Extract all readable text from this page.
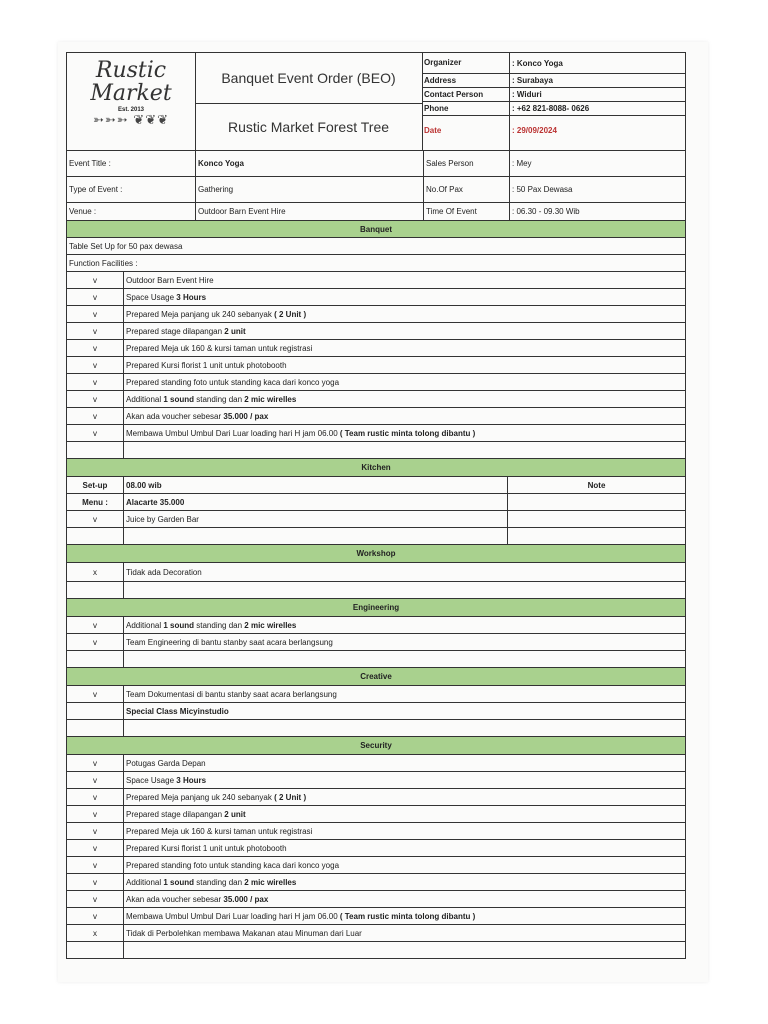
Rustic
Market
Est. 2013
➳➳➳ ❦❦❦
Banquet Event Order (BEO)
Rustic Market Forest Tree
Organizer	: Konco Yoga
Address	: Surabaya
Contact Person	: Widuri
Phone	: +62 821-8088- 0626
Date	: 29/09/2024
Event Title :	Konco Yoga	Sales Person	: Mey
Type of Event :	Gathering	No.Of Pax	: 50 Pax Dewasa
Venue :	Outdoor Barn Event Hire	Time Of Event	: 06.30 - 09.30 Wib
Banquet
Table Set Up for 50 pax dewasa
Function Facilities :
v	Outdoor Barn Event Hire
v	Space Usage 3 Hours
v	Prepared Meja panjang uk 240 sebanyak ( 2 Unit )
v	Prepared stage dilapangan 2 unit
v	Prepared Meja uk 160 & kursi taman untuk registrasi
v	Prepared Kursi florist 1 unit untuk photobooth
v	Prepared standing foto untuk standing kaca dari konco yoga
v	Additional 1 sound standing dan 2 mic wirelles
v	Akan ada voucher sebesar 35.000 / pax
v	Membawa Umbul Umbul Dari Luar loading hari H jam 06.00 ( Team rustic minta tolong dibantu )
Kitchen
Set-up	08.00 wib	Note
Menu :	Alacarte 35.000
v	Juice by Garden Bar
Workshop
x	Tidak ada Decoration
Engineering
v	Additional 1 sound standing dan 2 mic wirelles
v	Team Engineering di bantu stanby saat acara berlangsung
Creative
v	Team Dokumentasi di bantu stanby saat acara berlangsung
Special Class Micyinstudio
Security
v	Potugas Garda Depan
v	Space Usage 3 Hours
v	Prepared Meja panjang uk 240 sebanyak ( 2 Unit )
v	Prepared stage dilapangan 2 unit
v	Prepared Meja uk 160 & kursi taman untuk registrasi
v	Prepared Kursi florist 1 unit untuk photobooth
v	Prepared standing foto untuk standing kaca dari konco yoga
v	Additional 1 sound standing dan 2 mic wirelles
v	Akan ada voucher sebesar 35.000 / pax
v	Membawa Umbul Umbul Dari Luar loading hari H jam 06.00 ( Team rustic minta tolong dibantu )
x	Tidak di Perbolehkan membawa Makanan atau Minuman dari Luar
